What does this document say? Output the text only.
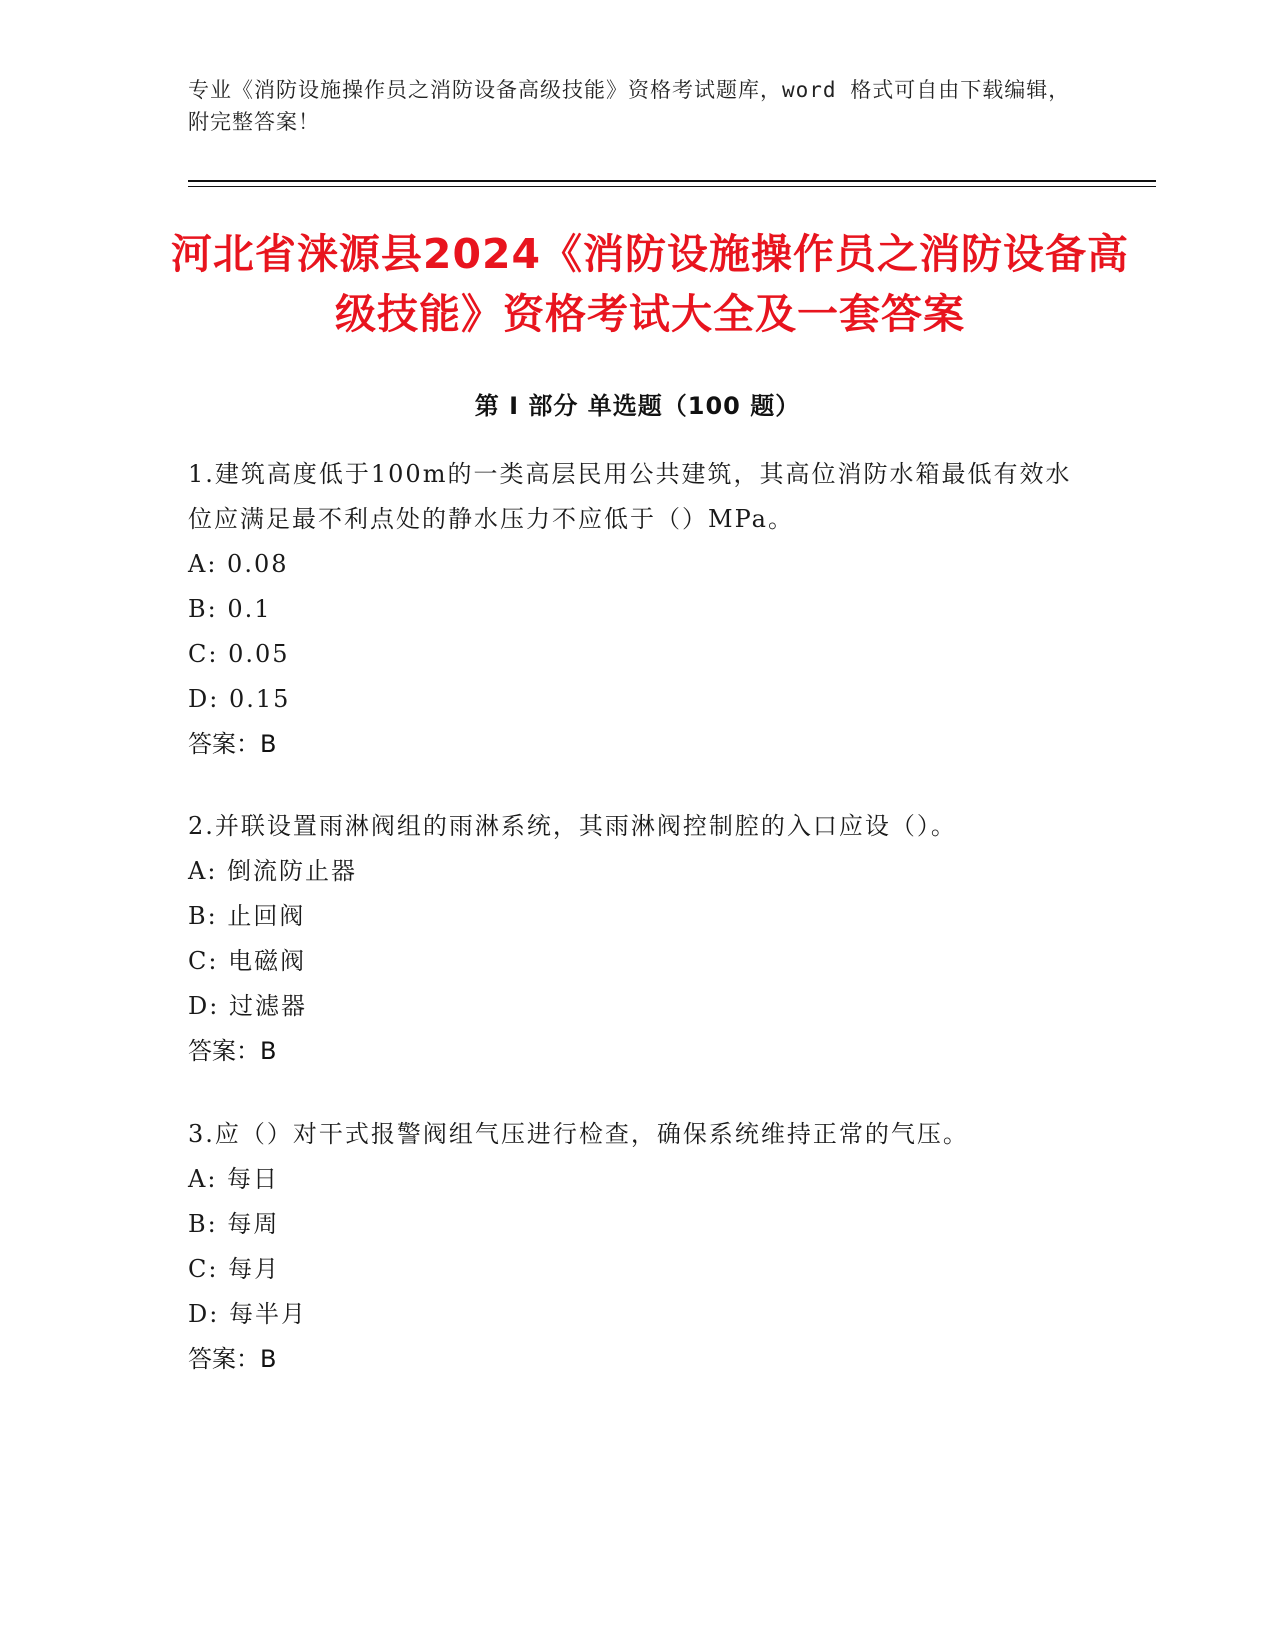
专业《消防设施操作员之消防设备高级技能》资格考试题库，word 格式可自由下载编辑，附完整答案！
河北省涞源县2024《消防设施操作员之消防设备高级技能》资格考试大全及一套答案
第 I 部分 单选题（100 题）

1.建筑高度低于100m的一类高层民用公共建筑，其高位消防水箱最低有效水位应满足最不利点处的静水压力不应低于（）MPa。

A: 0.08

B: 0.1

C: 0.05

D: 0.15

答案：B

2.并联设置雨淋阀组的雨淋系统，其雨淋阀控制腔的入口应设（）。

A: 倒流防止器

B: 止回阀

C: 电磁阀

D: 过滤器

答案：B

3.应（）对干式报警阀组气压进行检查，确保系统维持正常的气压。

A: 每日

B: 每周

C: 每月

D: 每半月

答案：B
